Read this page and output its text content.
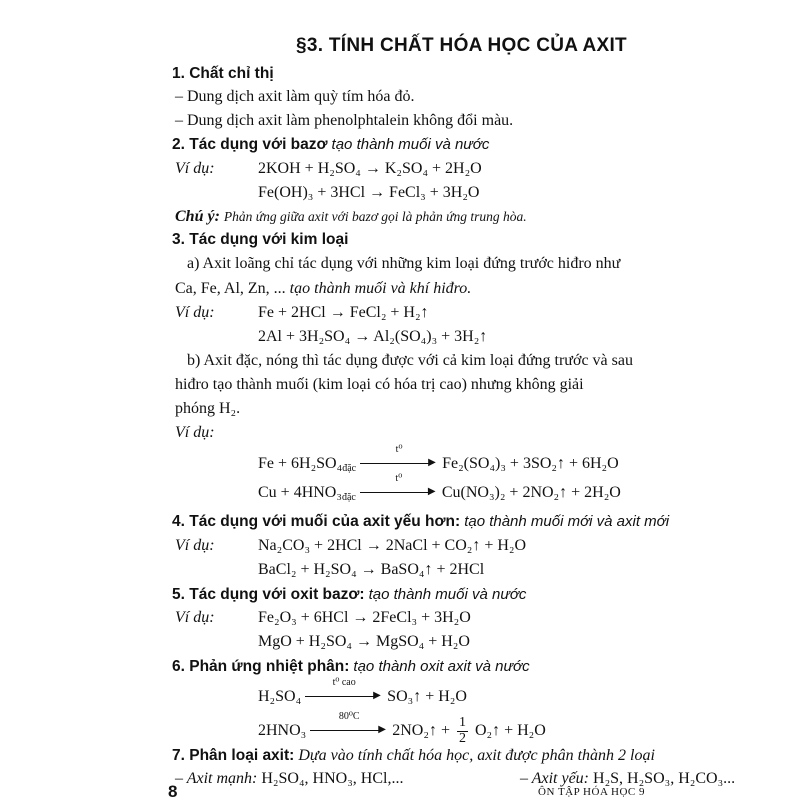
§3. TÍNH CHẤT HÓA HỌC CỦA AXIT
1. Chất chỉ thị
– Dung dịch axit làm quỳ tím hóa đỏ.
– Dung dịch axit làm phenolphtalein không đổi màu.
2. Tác dụng với bazơ tạo thành muối và nước
Ví dụ:	2KOH + H₂SO₄ → K₂SO₄ + 2H₂O
Fe(OH)₃ + 3HCl → FeCl₃ + 3H₂O
Chú ý: Phản ứng giữa axit với bazơ gọi là phản ứng trung hòa.
3. Tác dụng với kim loại
a) Axit loãng chỉ tác dụng với những kim loại đứng trước hiđro như
Ca, Fe, Al, Zn, ... tạo thành muối và khí hiđro.
Ví dụ:	Fe + 2HCl → FeCl₂ + H₂↑
2Al + 3H₂SO₄ → Al₂(SO₄)₃ + 3H₂↑
b) Axit đặc, nóng thì tác dụng được với cả kim loại đứng trước và sau
hiđro tạo thành muối (kim loại có hóa trị cao) nhưng không giải
phóng H₂.
Ví dụ:
Fe + 6H₂SO₄đặc
t⁰
▶ Fe₂(SO₄)₃ + 3SO₂↑ + 6H₂O
Cu + 4HNO₃đặc
t⁰
▶ Cu(NO₃)₂ + 2NO₂↑ + 2H₂O
4. Tác dụng với muối của axit yếu hơn: tạo thành muối mới và axit mới
Ví dụ:	Na₂CO₃ + 2HCl → 2NaCl + CO₂↑ + H₂O
BaCl₂ + H₂SO₄ → BaSO₄↑ + 2HCl
5. Tác dụng với oxit bazơ: tạo thành muối và nước
Ví dụ:	Fe₂O₃ + 6HCl → 2FeCl₃ + 3H₂O
MgO + H₂SO₄ → MgSO₄ + H₂O
6. Phản ứng nhiệt phân: tạo thành oxit axit và nước
H₂SO₄
t⁰ cao
▶ SO₃↑ + H₂O
2HNO₃
80⁰C
▶ 2NO₂↑ + $\frac{1}{2}$ O₂↑ + H₂O
7. Phân loại axit: Dựa vào tính chất hóa học, axit được phân thành 2 loại
– Axit mạnh: H₂SO₄, HNO₃, HCl,...	– Axit yếu: H₂S, H₂SO₃, H₂CO₃...
8	ÔN TẬP HÓA HỌC 9
